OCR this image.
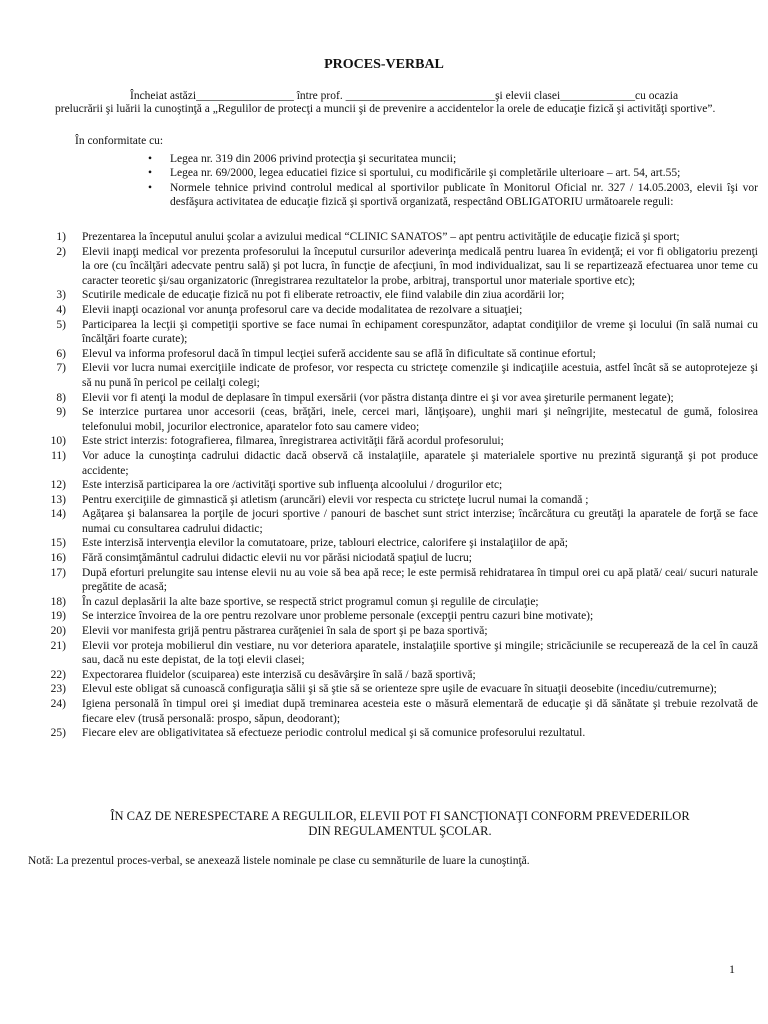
PROCES-VERBAL
Încheiat astăzi_________________ între prof. __________________________şi elevii clasei_____________cu ocazia
prelucrării şi luării la cunoştinţă a „Regulilor de protecţi a muncii şi de prevenire a accidentelor la orele de educaţie fizică şi activităţi sportive”.
În conformitate cu:
• Legea nr. 319 din 2006 privind protecţia şi securitatea muncii;
• Legea nr. 69/2000, legea educatiei fizice si sportului, cu modificările şi completările ulterioare – art. 54, art.55;
• Normele tehnice privind controlul medical al sportivilor publicate în Monitorul Oficial nr. 327 / 14.05.2003, elevii îşi vor desfăşura activitatea de educaţie fizică şi sportivă organizată, respectând OBLIGATORIU următoarele reguli:
1) Prezentarea la începutul anului şcolar a avizului medical “CLINIC SANATOS” – apt pentru activităţile de educaţie fizică şi sport;
2) Elevii inapţi medical vor prezenta profesorului la începutul cursurilor adeverinţa medicală pentru luarea în evidenţă; ei vor fi obligatoriu prezenţi la ore (cu încălţări adecvate pentru sală) şi pot lucra, în funcţie de afecţiuni, în mod individualizat, sau li se repartizează efectuarea unor teme cu caracter teoretic şi/sau organizatoric (înregistrarea rezultatelor la probe, arbitraj, transportul unor materiale sportive etc);
3) Scutirile medicale de educaţie fizică nu pot fi eliberate retroactiv, ele fiind valabile din ziua acordării lor;
4) Elevii inapţi ocazional vor anunţa profesorul care va decide modalitatea de rezolvare a situaţiei;
5) Participarea la lecţii şi competiţii sportive se face numai în echipament corespunzător, adaptat condiţiilor de vreme şi locului (în sală numai cu încălţări foarte curate);
6) Elevul va informa profesorul dacă în timpul lecţiei suferă accidente sau se află în dificultate să continue efortul;
7) Elevii vor lucra numai exerciţiile indicate de profesor, vor respecta cu stricteţe comenzile şi indicaţiile acestuia, astfel încât să se autoprotejeze şi să nu pună în pericol pe ceilalţi colegi;
8) Elevii vor fi atenţi la modul de deplasare în timpul exersării (vor păstra distanţa dintre ei şi vor avea şireturile permanent legate);
9) Se interzice purtarea unor accesorii (ceas, brăţări, inele, cercei mari, lănţişoare), unghii mari şi neîngrijite, mestecatul de gumă, folosirea telefonului mobil, jocurilor electronice, aparatelor foto sau camere video;
10) Este strict interzis: fotografierea, filmarea, înregistrarea activităţii fără acordul profesorului;
11) Vor aduce la cunoştinţa cadrului didactic dacă observă că instalaţiile, aparatele şi materialele sportive nu prezintă siguranţă şi pot produce accidente;
12) Este interzisă participarea la ore /activităţi sportive sub influenţa alcoolului / drogurilor etc;
13) Pentru exerciţiile de gimnastică şi atletism (aruncări) elevii vor respecta cu stricteţe lucrul numai la comandă ;
14) Agăţarea şi balansarea la porţile de jocuri sportive / panouri de baschet sunt strict interzise; încărcătura cu greutăţi la aparatele de forţă se face numai cu consultarea cadrului didactic;
15) Este interzisă intervenţia elevilor la comutatoare, prize, tablouri electrice, calorifere şi instalaţiilor de apă;
16) Fără consimţământul cadrului didactic elevii nu vor părăsi niciodată spaţiul de lucru;
17) După eforturi prelungite sau intense elevii nu au voie să bea apă rece; le este permisă rehidratarea în timpul orei cu apă plată/ ceai/ sucuri naturale pregătite de acasă;
18) În cazul deplasării la alte baze sportive, se respectă strict programul comun şi regulile de circulaţie;
19) Se interzice învoirea de la ore pentru rezolvare unor probleme personale (excepţii pentru cazuri bine motivate);
20) Elevii vor manifesta grijă pentru păstrarea curăţeniei în sala de sport şi pe baza sportivă;
21) Elevii vor proteja mobilierul din vestiare, nu vor deteriora aparatele, instalaţiile sportive şi mingile; stricăciunile se recuperează de la cel în cauză sau, dacă nu este depistat, de la toţi elevii clasei;
22) Expectorarea fluidelor (scuiparea) este interzisă cu desăvârşire în sală / bază sportivă;
23) Elevul este obligat să cunoască configuraţia sălii şi să ştie să se orienteze spre uşile de evacuare în situaţii deosebite (incediu/cutremurne);
24) Igiena personală în timpul orei şi imediat după treminarea acesteia este o măsură elementară de educaţie şi dă sănătate şi trebuie rezolvată de fiecare elev (trusă personală: prospo, săpun, deodorant);
25) Fiecare elev are obligativitatea să efectueze periodic controlul medical şi să comunice profesorului rezultatul.
ÎN CAZ DE NERESPECTARE A REGULILOR, ELEVII POT FI SANCŢIONAŢI CONFORM PREVEDERILOR DIN REGULAMENTUL ŞCOLAR.
Notă: La prezentul proces-verbal, se anexează listele nominale pe clase cu semnăturile de luare la cunoştinţă.
1
